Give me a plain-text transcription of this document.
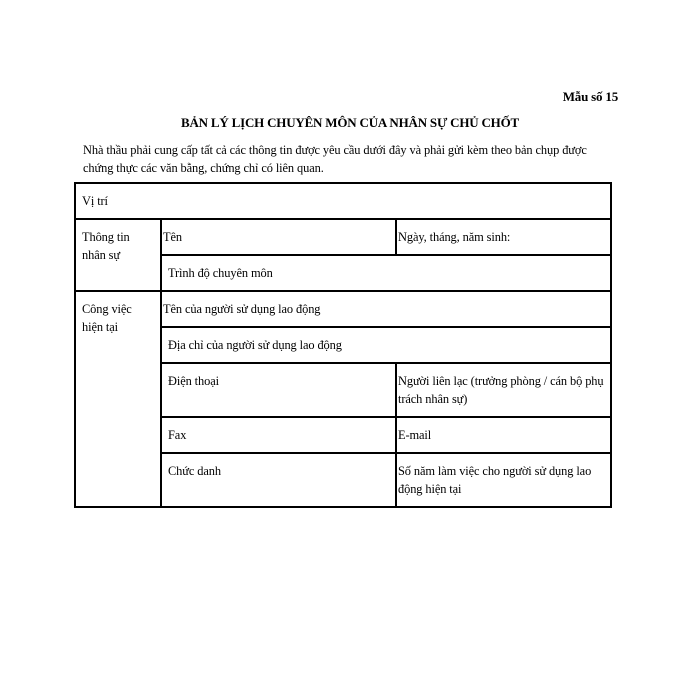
Mẫu số 15
BẢN LÝ LỊCH CHUYÊN MÔN CỦA NHÂN SỰ CHỦ CHỐT
Nhà thầu phải cung cấp tất cả các thông tin được yêu cầu dưới đây và phải gửi kèm theo bản chụp được chứng thực các văn bằng, chứng chỉ có liên quan.
Vị trí		
Thông tin nhân sự	Tên	Ngày, tháng, năm sinh:
	Trình độ chuyên môn	
Công việc hiện tại	Tên của người sử dụng lao động	
	Địa chỉ của người sử dụng lao động	
	Điện thoại	Người liên lạc (trưởng phòng / cán bộ phụ trách nhân sự)
	Fax	E-mail
	Chức danh	Số năm làm việc cho người sử dụng lao động hiện tại
